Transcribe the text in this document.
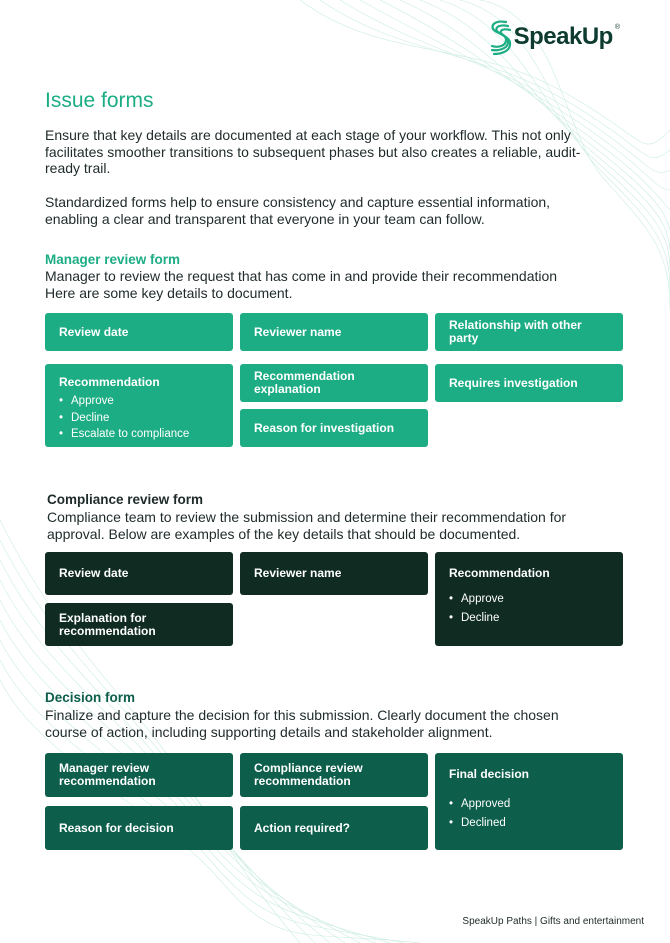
SpeakUp ®
Issue forms
Ensure that key details are documented at each stage of your workflow. This not only facilitates smoother transitions to subsequent phases but also creates a reliable, audit-ready trail.
Standardized forms help to ensure consistency and capture essential information, enabling a clear and transparent that everyone in your team can follow.
Manager review form
Manager to review the request that has come in and provide their recommendation Here are some key details to document.
Review date	Reviewer name	Relationship with other party
Recommendation
• Approve
• Decline
• Escalate to compliance
Recommendation explanation
Reason for investigation
Requires investigation
Compliance review form
Compliance team to review the submission and determine their recommendation for approval. Below are examples of the key details that should be documented.
Review date	Reviewer name	Recommendation
• Approve
• Decline
Explanation for recommendation
Decision form
Finalize and capture the decision for this submission. Clearly document the chosen course of action, including supporting details and stakeholder alignment.
Manager review recommendation
Compliance review recommendation	Final decision
• Approved
• Declined
Reason for decision	Action required?
SpeakUp Paths | Gifts and entertainment
